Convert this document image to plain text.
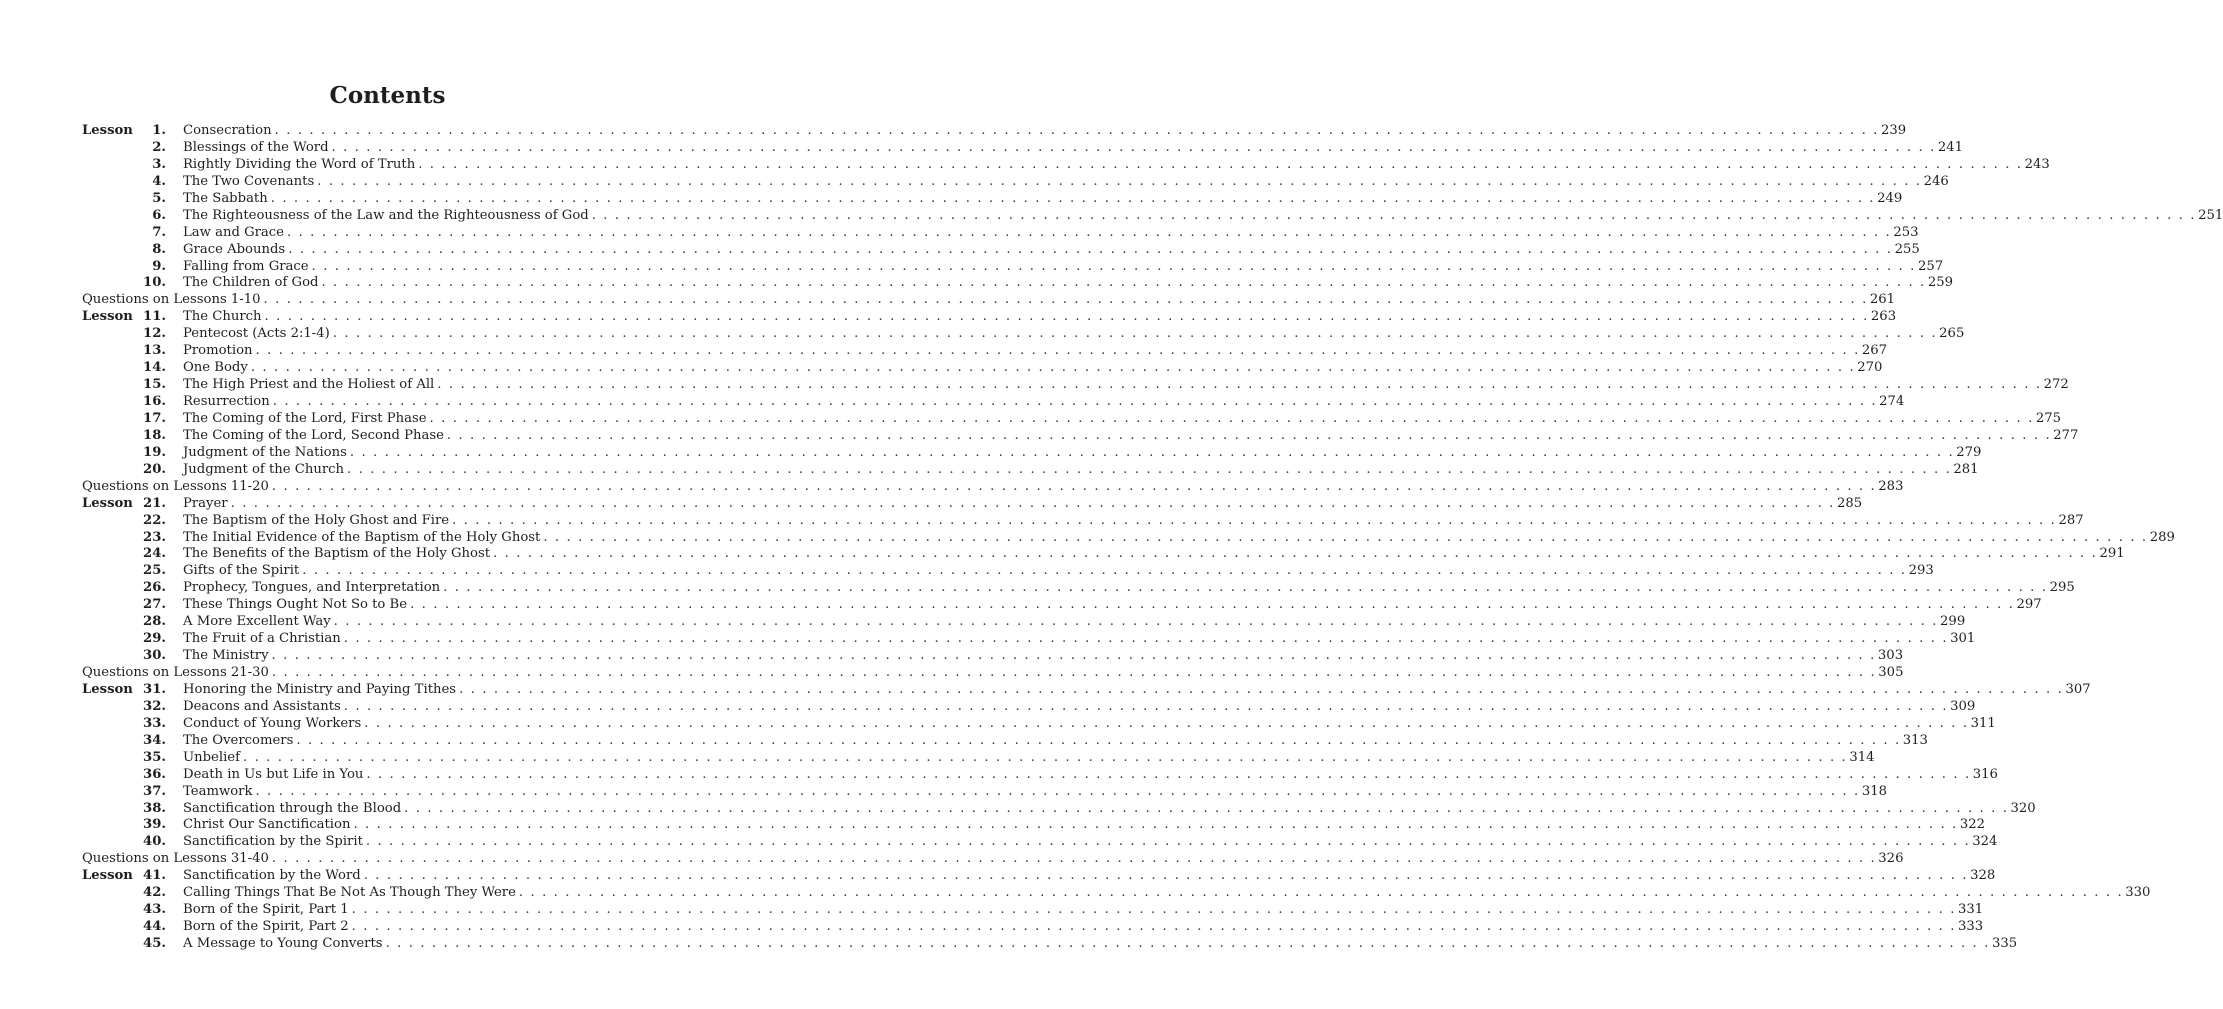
Contents
Lesson	1. Consecration . . . . . . . . . . . . . . . . . . . . . . . . . . . . . . . . . . . . . . . . . . . . . . . . . . . . . . . . . . . . . . . . . . . . . . . . . . . . . . . . . . . . . . . . . . . . . . . . . . . . . . . . . . . . . . . . . . . . . . . . . . . . . . . . . . . . . . . . . . . 239
2. Blessings of the Word . . . . . . . . . . . . . . . . . . . . . . . . . . . . . . . . . . . . . . . . . . . . . . . . . . . . . . . . . . . . . . . . . . . . . . . . . . . . . . . . . . . . . . . . . . . . . . . . . . . . . . . . . . . . . . . . . . . . . . . . . . . . . . . . . . . . . . . . . . . 241
3. Rightly Dividing the Word of Truth . . . . . . . . . . . . . . . . . . . . . . . . . . . . . . . . . . . . . . . . . . . . . . . . . . . . . . . . . . . . . . . . . . . . . . . . . . . . . . . . . . . . . . . . . . . . . . . . . . . . . . . . . . . . . . . . . . . . . . . . . . . . . . . . . . . . . . . . . . . 243
4. The Two Covenants . . . . . . . . . . . . . . . . . . . . . . . . . . . . . . . . . . . . . . . . . . . . . . . . . . . . . . . . . . . . . . . . . . . . . . . . . . . . . . . . . . . . . . . . . . . . . . . . . . . . . . . . . . . . . . . . . . . . . . . . . . . . . . . . . . . . . . . . . . . 246
5. The Sabbath . . . . . . . . . . . . . . . . . . . . . . . . . . . . . . . . . . . . . . . . . . . . . . . . . . . . . . . . . . . . . . . . . . . . . . . . . . . . . . . . . . . . . . . . . . . . . . . . . . . . . . . . . . . . . . . . . . . . . . . . . . . . . . . . . . . . . . . . . . . 249
6. The Righteousness of the Law and the Righteousness of God . . . . . . . . . . . . . . . . . . . . . . . . . . . . . . . . . . . . . . . . . . . . . . . . . . . . . . . . . . . . . . . . . . . . . . . . . . . . . . . . . . . . . . . . . . . . . . . . . . . . . . . . . . . . . . . . . . . . . . . . . . . . . . . . . . . . . . . . . . . 251
7. Law and Grace . . . . . . . . . . . . . . . . . . . . . . . . . . . . . . . . . . . . . . . . . . . . . . . . . . . . . . . . . . . . . . . . . . . . . . . . . . . . . . . . . . . . . . . . . . . . . . . . . . . . . . . . . . . . . . . . . . . . . . . . . . . . . . . . . . . . . . . . . . . 253
8. Grace Abounds . . . . . . . . . . . . . . . . . . . . . . . . . . . . . . . . . . . . . . . . . . . . . . . . . . . . . . . . . . . . . . . . . . . . . . . . . . . . . . . . . . . . . . . . . . . . . . . . . . . . . . . . . . . . . . . . . . . . . . . . . . . . . . . . . . . . . . . . . . . 255
9. Falling from Grace . . . . . . . . . . . . . . . . . . . . . . . . . . . . . . . . . . . . . . . . . . . . . . . . . . . . . . . . . . . . . . . . . . . . . . . . . . . . . . . . . . . . . . . . . . . . . . . . . . . . . . . . . . . . . . . . . . . . . . . . . . . . . . . . . . . . . . . . . . . 257
10. The Children of God . . . . . . . . . . . . . . . . . . . . . . . . . . . . . . . . . . . . . . . . . . . . . . . . . . . . . . . . . . . . . . . . . . . . . . . . . . . . . . . . . . . . . . . . . . . . . . . . . . . . . . . . . . . . . . . . . . . . . . . . . . . . . . . . . . . . . . . . . . . 259
Questions on Lessons 1-10 . . . . . . . . . . . . . . . . . . . . . . . . . . . . . . . . . . . . . . . . . . . . . . . . . . . . . . . . . . . . . . . . . . . . . . . . . . . . . . . . . . . . . . . . . . . . . . . . . . . . . . . . . . . . . . . . . . . . . . . . . . . . . . . . . . . . . . . . . . . 261
Lesson 11. The Church . . . . . . . . . . . . . . . . . . . . . . . . . . . . . . . . . . . . . . . . . . . . . . . . . . . . . . . . . . . . . . . . . . . . . . . . . . . . . . . . . . . . . . . . . . . . . . . . . . . . . . . . . . . . . . . . . . . . . . . . . . . . . . . . . . . . . . . . . . . 263
12. Pentecost (Acts 2:1-4) . . . . . . . . . . . . . . . . . . . . . . . . . . . . . . . . . . . . . . . . . . . . . . . . . . . . . . . . . . . . . . . . . . . . . . . . . . . . . . . . . . . . . . . . . . . . . . . . . . . . . . . . . . . . . . . . . . . . . . . . . . . . . . . . . . . . . . . . . . . 265
13. Promotion . . . . . . . . . . . . . . . . . . . . . . . . . . . . . . . . . . . . . . . . . . . . . . . . . . . . . . . . . . . . . . . . . . . . . . . . . . . . . . . . . . . . . . . . . . . . . . . . . . . . . . . . . . . . . . . . . . . . . . . . . . . . . . . . . . . . . . . . . . . 267
14. One Body . . . . . . . . . . . . . . . . . . . . . . . . . . . . . . . . . . . . . . . . . . . . . . . . . . . . . . . . . . . . . . . . . . . . . . . . . . . . . . . . . . . . . . . . . . . . . . . . . . . . . . . . . . . . . . . . . . . . . . . . . . . . . . . . . . . . . . . . . . . 270
15. The High Priest and the Holiest of All . . . . . . . . . . . . . . . . . . . . . . . . . . . . . . . . . . . . . . . . . . . . . . . . . . . . . . . . . . . . . . . . . . . . . . . . . . . . . . . . . . . . . . . . . . . . . . . . . . . . . . . . . . . . . . . . . . . . . . . . . . . . . . . . . . . . . . . . . . . 272
16. Resurrection . . . . . . . . . . . . . . . . . . . . . . . . . . . . . . . . . . . . . . . . . . . . . . . . . . . . . . . . . . . . . . . . . . . . . . . . . . . . . . . . . . . . . . . . . . . . . . . . . . . . . . . . . . . . . . . . . . . . . . . . . . . . . . . . . . . . . . . . . . . 274
17. The Coming of the Lord, First Phase . . . . . . . . . . . . . . . . . . . . . . . . . . . . . . . . . . . . . . . . . . . . . . . . . . . . . . . . . . . . . . . . . . . . . . . . . . . . . . . . . . . . . . . . . . . . . . . . . . . . . . . . . . . . . . . . . . . . . . . . . . . . . . . . . . . . . . . . . . . 275
18. The Coming of the Lord, Second Phase . . . . . . . . . . . . . . . . . . . . . . . . . . . . . . . . . . . . . . . . . . . . . . . . . . . . . . . . . . . . . . . . . . . . . . . . . . . . . . . . . . . . . . . . . . . . . . . . . . . . . . . . . . . . . . . . . . . . . . . . . . . . . . . . . . . . . . . . . . . 277
19. Judgment of the Nations . . . . . . . . . . . . . . . . . . . . . . . . . . . . . . . . . . . . . . . . . . . . . . . . . . . . . . . . . . . . . . . . . . . . . . . . . . . . . . . . . . . . . . . . . . . . . . . . . . . . . . . . . . . . . . . . . . . . . . . . . . . . . . . . . . . . . . . . . . . 279
20. Judgment of the Church . . . . . . . . . . . . . . . . . . . . . . . . . . . . . . . . . . . . . . . . . . . . . . . . . . . . . . . . . . . . . . . . . . . . . . . . . . . . . . . . . . . . . . . . . . . . . . . . . . . . . . . . . . . . . . . . . . . . . . . . . . . . . . . . . . . . . . . . . . . 281
Questions on Lessons 11-20 . . . . . . . . . . . . . . . . . . . . . . . . . . . . . . . . . . . . . . . . . . . . . . . . . . . . . . . . . . . . . . . . . . . . . . . . . . . . . . . . . . . . . . . . . . . . . . . . . . . . . . . . . . . . . . . . . . . . . . . . . . . . . . . . . . . . . . . . . . . 283
Lesson 21. Prayer . . . . . . . . . . . . . . . . . . . . . . . . . . . . . . . . . . . . . . . . . . . . . . . . . . . . . . . . . . . . . . . . . . . . . . . . . . . . . . . . . . . . . . . . . . . . . . . . . . . . . . . . . . . . . . . . . . . . . . . . . . . . . . . . . . . . . . . . . . . 285
22. The Baptism of the Holy Ghost and Fire . . . . . . . . . . . . . . . . . . . . . . . . . . . . . . . . . . . . . . . . . . . . . . . . . . . . . . . . . . . . . . . . . . . . . . . . . . . . . . . . . . . . . . . . . . . . . . . . . . . . . . . . . . . . . . . . . . . . . . . . . . . . . . . . . . . . . . . . . . . 287
23. The Initial Evidence of the Baptism of the Holy Ghost . . . . . . . . . . . . . . . . . . . . . . . . . . . . . . . . . . . . . . . . . . . . . . . . . . . . . . . . . . . . . . . . . . . . . . . . . . . . . . . . . . . . . . . . . . . . . . . . . . . . . . . . . . . . . . . . . . . . . . . . . . . . . . . . . . . . . . . . . . . 289
24. The Benefits of the Baptism of the Holy Ghost . . . . . . . . . . . . . . . . . . . . . . . . . . . . . . . . . . . . . . . . . . . . . . . . . . . . . . . . . . . . . . . . . . . . . . . . . . . . . . . . . . . . . . . . . . . . . . . . . . . . . . . . . . . . . . . . . . . . . . . . . . . . . . . . . . . . . . . . . . . 291
25. Gifts of the Spirit . . . . . . . . . . . . . . . . . . . . . . . . . . . . . . . . . . . . . . . . . . . . . . . . . . . . . . . . . . . . . . . . . . . . . . . . . . . . . . . . . . . . . . . . . . . . . . . . . . . . . . . . . . . . . . . . . . . . . . . . . . . . . . . . . . . . . . . . . . . 293
26. Prophecy, Tongues, and Interpretation . . . . . . . . . . . . . . . . . . . . . . . . . . . . . . . . . . . . . . . . . . . . . . . . . . . . . . . . . . . . . . . . . . . . . . . . . . . . . . . . . . . . . . . . . . . . . . . . . . . . . . . . . . . . . . . . . . . . . . . . . . . . . . . . . . . . . . . . . . . 295
27. These Things Ought Not So to Be . . . . . . . . . . . . . . . . . . . . . . . . . . . . . . . . . . . . . . . . . . . . . . . . . . . . . . . . . . . . . . . . . . . . . . . . . . . . . . . . . . . . . . . . . . . . . . . . . . . . . . . . . . . . . . . . . . . . . . . . . . . . . . . . . . . . . . . . . . . 297
28. A More Excellent Way . . . . . . . . . . . . . . . . . . . . . . . . . . . . . . . . . . . . . . . . . . . . . . . . . . . . . . . . . . . . . . . . . . . . . . . . . . . . . . . . . . . . . . . . . . . . . . . . . . . . . . . . . . . . . . . . . . . . . . . . . . . . . . . . . . . . . . . . . . . 299
29. The Fruit of a Christian . . . . . . . . . . . . . . . . . . . . . . . . . . . . . . . . . . . . . . . . . . . . . . . . . . . . . . . . . . . . . . . . . . . . . . . . . . . . . . . . . . . . . . . . . . . . . . . . . . . . . . . . . . . . . . . . . . . . . . . . . . . . . . . . . . . . . . . . . . . 301
30. The Ministry . . . . . . . . . . . . . . . . . . . . . . . . . . . . . . . . . . . . . . . . . . . . . . . . . . . . . . . . . . . . . . . . . . . . . . . . . . . . . . . . . . . . . . . . . . . . . . . . . . . . . . . . . . . . . . . . . . . . . . . . . . . . . . . . . . . . . . . . . . . 303
Questions on Lessons 21-30 . . . . . . . . . . . . . . . . . . . . . . . . . . . . . . . . . . . . . . . . . . . . . . . . . . . . . . . . . . . . . . . . . . . . . . . . . . . . . . . . . . . . . . . . . . . . . . . . . . . . . . . . . . . . . . . . . . . . . . . . . . . . . . . . . . . . . . . . . . . 305
Lesson 31. Honoring the Ministry and Paying Tithes . . . . . . . . . . . . . . . . . . . . . . . . . . . . . . . . . . . . . . . . . . . . . . . . . . . . . . . . . . . . . . . . . . . . . . . . . . . . . . . . . . . . . . . . . . . . . . . . . . . . . . . . . . . . . . . . . . . . . . . . . . . . . . . . . . . . . . . . . . . 307
32. Deacons and Assistants . . . . . . . . . . . . . . . . . . . . . . . . . . . . . . . . . . . . . . . . . . . . . . . . . . . . . . . . . . . . . . . . . . . . . . . . . . . . . . . . . . . . . . . . . . . . . . . . . . . . . . . . . . . . . . . . . . . . . . . . . . . . . . . . . . . . . . . . . . . 309
33. Conduct of Young Workers . . . . . . . . . . . . . . . . . . . . . . . . . . . . . . . . . . . . . . . . . . . . . . . . . . . . . . . . . . . . . . . . . . . . . . . . . . . . . . . . . . . . . . . . . . . . . . . . . . . . . . . . . . . . . . . . . . . . . . . . . . . . . . . . . . . . . . . . . . . 311
34. The Overcomers . . . . . . . . . . . . . . . . . . . . . . . . . . . . . . . . . . . . . . . . . . . . . . . . . . . . . . . . . . . . . . . . . . . . . . . . . . . . . . . . . . . . . . . . . . . . . . . . . . . . . . . . . . . . . . . . . . . . . . . . . . . . . . . . . . . . . . . . . . . 313
35. Unbelief . . . . . . . . . . . . . . . . . . . . . . . . . . . . . . . . . . . . . . . . . . . . . . . . . . . . . . . . . . . . . . . . . . . . . . . . . . . . . . . . . . . . . . . . . . . . . . . . . . . . . . . . . . . . . . . . . . . . . . . . . . . . . . . . . . . . . . . . . . . 314
36. Death in Us but Life in You . . . . . . . . . . . . . . . . . . . . . . . . . . . . . . . . . . . . . . . . . . . . . . . . . . . . . . . . . . . . . . . . . . . . . . . . . . . . . . . . . . . . . . . . . . . . . . . . . . . . . . . . . . . . . . . . . . . . . . . . . . . . . . . . . . . . . . . . . . . 316
37. Teamwork . . . . . . . . . . . . . . . . . . . . . . . . . . . . . . . . . . . . . . . . . . . . . . . . . . . . . . . . . . . . . . . . . . . . . . . . . . . . . . . . . . . . . . . . . . . . . . . . . . . . . . . . . . . . . . . . . . . . . . . . . . . . . . . . . . . . . . . . . . . 318
38. Sanctification through the Blood . . . . . . . . . . . . . . . . . . . . . . . . . . . . . . . . . . . . . . . . . . . . . . . . . . . . . . . . . . . . . . . . . . . . . . . . . . . . . . . . . . . . . . . . . . . . . . . . . . . . . . . . . . . . . . . . . . . . . . . . . . . . . . . . . . . . . . . . . . . 320
39. Christ Our Sanctification . . . . . . . . . . . . . . . . . . . . . . . . . . . . . . . . . . . . . . . . . . . . . . . . . . . . . . . . . . . . . . . . . . . . . . . . . . . . . . . . . . . . . . . . . . . . . . . . . . . . . . . . . . . . . . . . . . . . . . . . . . . . . . . . . . . . . . . . . . . 322
40. Sanctification by the Spirit . . . . . . . . . . . . . . . . . . . . . . . . . . . . . . . . . . . . . . . . . . . . . . . . . . . . . . . . . . . . . . . . . . . . . . . . . . . . . . . . . . . . . . . . . . . . . . . . . . . . . . . . . . . . . . . . . . . . . . . . . . . . . . . . . . . . . . . . . . . 324
Questions on Lessons 31-40 . . . . . . . . . . . . . . . . . . . . . . . . . . . . . . . . . . . . . . . . . . . . . . . . . . . . . . . . . . . . . . . . . . . . . . . . . . . . . . . . . . . . . . . . . . . . . . . . . . . . . . . . . . . . . . . . . . . . . . . . . . . . . . . . . . . . . . . . . . . 326
Lesson 41. Sanctification by the Word . . . . . . . . . . . . . . . . . . . . . . . . . . . . . . . . . . . . . . . . . . . . . . . . . . . . . . . . . . . . . . . . . . . . . . . . . . . . . . . . . . . . . . . . . . . . . . . . . . . . . . . . . . . . . . . . . . . . . . . . . . . . . . . . . . . . . . . . . . . 328
42. Calling Things That Be Not As Though They Were . . . . . . . . . . . . . . . . . . . . . . . . . . . . . . . . . . . . . . . . . . . . . . . . . . . . . . . . . . . . . . . . . . . . . . . . . . . . . . . . . . . . . . . . . . . . . . . . . . . . . . . . . . . . . . . . . . . . . . . . . . . . . . . . . . . . . . . . . . . 330
43. Born of the Spirit, Part 1 . . . . . . . . . . . . . . . . . . . . . . . . . . . . . . . . . . . . . . . . . . . . . . . . . . . . . . . . . . . . . . . . . . . . . . . . . . . . . . . . . . . . . . . . . . . . . . . . . . . . . . . . . . . . . . . . . . . . . . . . . . . . . . . . . . . . . . . . . . . 331
44. Born of the Spirit, Part 2 . . . . . . . . . . . . . . . . . . . . . . . . . . . . . . . . . . . . . . . . . . . . . . . . . . . . . . . . . . . . . . . . . . . . . . . . . . . . . . . . . . . . . . . . . . . . . . . . . . . . . . . . . . . . . . . . . . . . . . . . . . . . . . . . . . . . . . . . . . . 333
45. A Message to Young Converts . . . . . . . . . . . . . . . . . . . . . . . . . . . . . . . . . . . . . . . . . . . . . . . . . . . . . . . . . . . . . . . . . . . . . . . . . . . . . . . . . . . . . . . . . . . . . . . . . . . . . . . . . . . . . . . . . . . . . . . . . . . . . . . . . . . . . . . . . . . 335
